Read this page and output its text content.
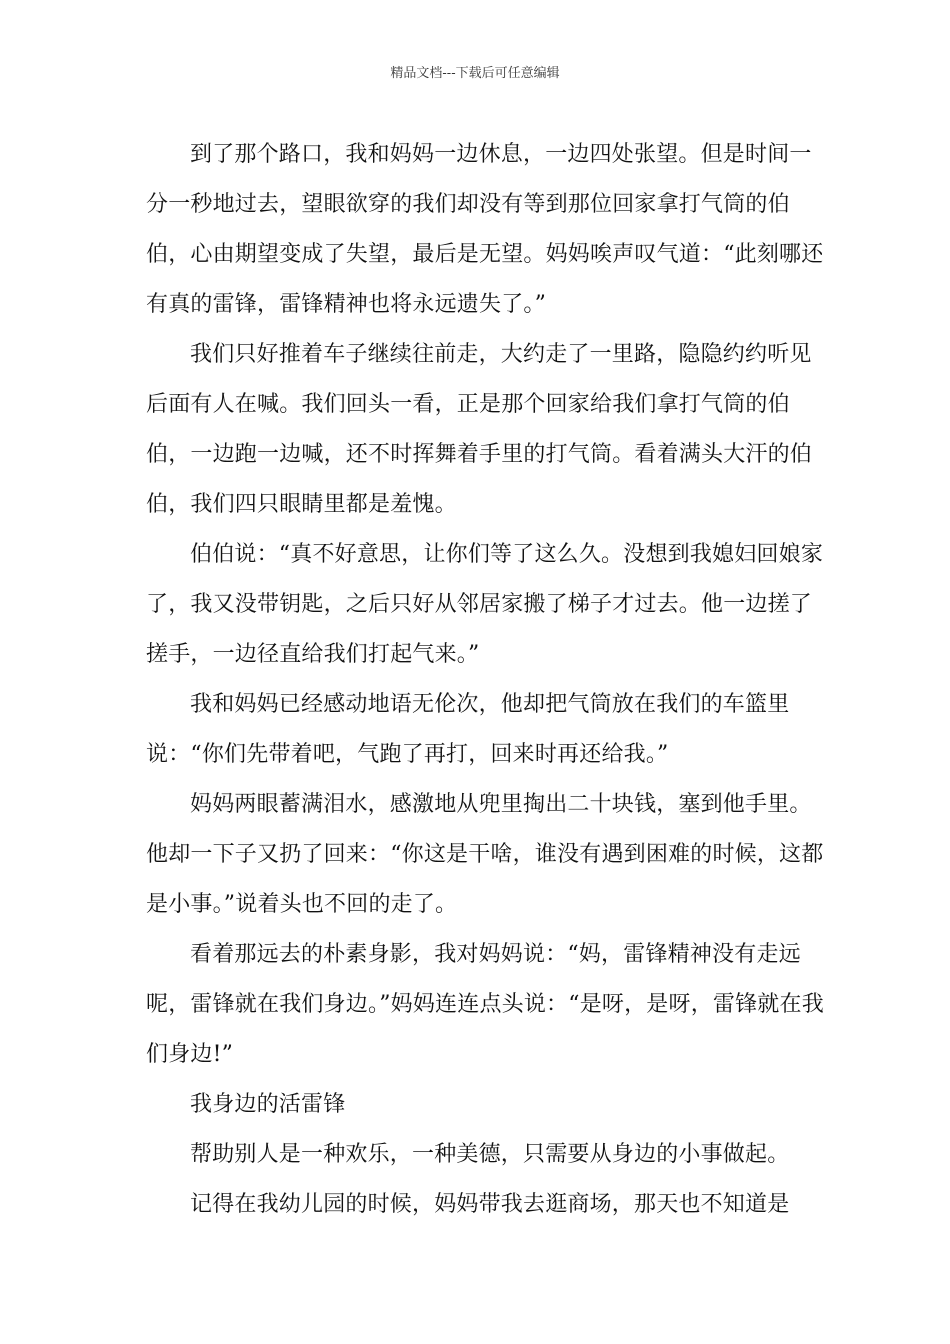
精品文档---下载后可任意编辑

到了那个路口，我和妈妈一边休息，一边四处张望。但是时间一分一秒地过去，望眼欲穿的我们却没有等到那位回家拿打气筒的伯伯，心由期望变成了失望，最后是无望。妈妈唉声叹气道：“此刻哪还有真的雷锋，雷锋精神也将永远遗失了。”

我们只好推着车子继续往前走，大约走了一里路，隐隐约约听见后面有人在喊。我们回头一看，正是那个回家给我们拿打气筒的伯伯，一边跑一边喊，还不时挥舞着手里的打气筒。看着满头大汗的伯伯，我们四只眼睛里都是羞愧。

伯伯说：“真不好意思，让你们等了这么久。没想到我媳妇回娘家了，我又没带钥匙，之后只好从邻居家搬了梯子才过去。他一边搓了搓手，一边径直给我们打起气来。”

我和妈妈已经感动地语无伦次，他却把气筒放在我们的车篮里说：“你们先带着吧，气跑了再打，回来时再还给我。”

妈妈两眼蓄满泪水，感激地从兜里掏出二十块钱，塞到他手里。他却一下子又扔了回来：“你这是干啥，谁没有遇到困难的时候，这都是小事。”说着头也不回的走了。

看着那远去的朴素身影，我对妈妈说：“妈，雷锋精神没有走远呢，雷锋就在我们身边。”妈妈连连点头说：“是呀，是呀，雷锋就在我们身边!”

我身边的活雷锋

帮助别人是一种欢乐，一种美德，只需要从身边的小事做起。

记得在我幼儿园的时候，妈妈带我去逛商场，那天也不知道是
